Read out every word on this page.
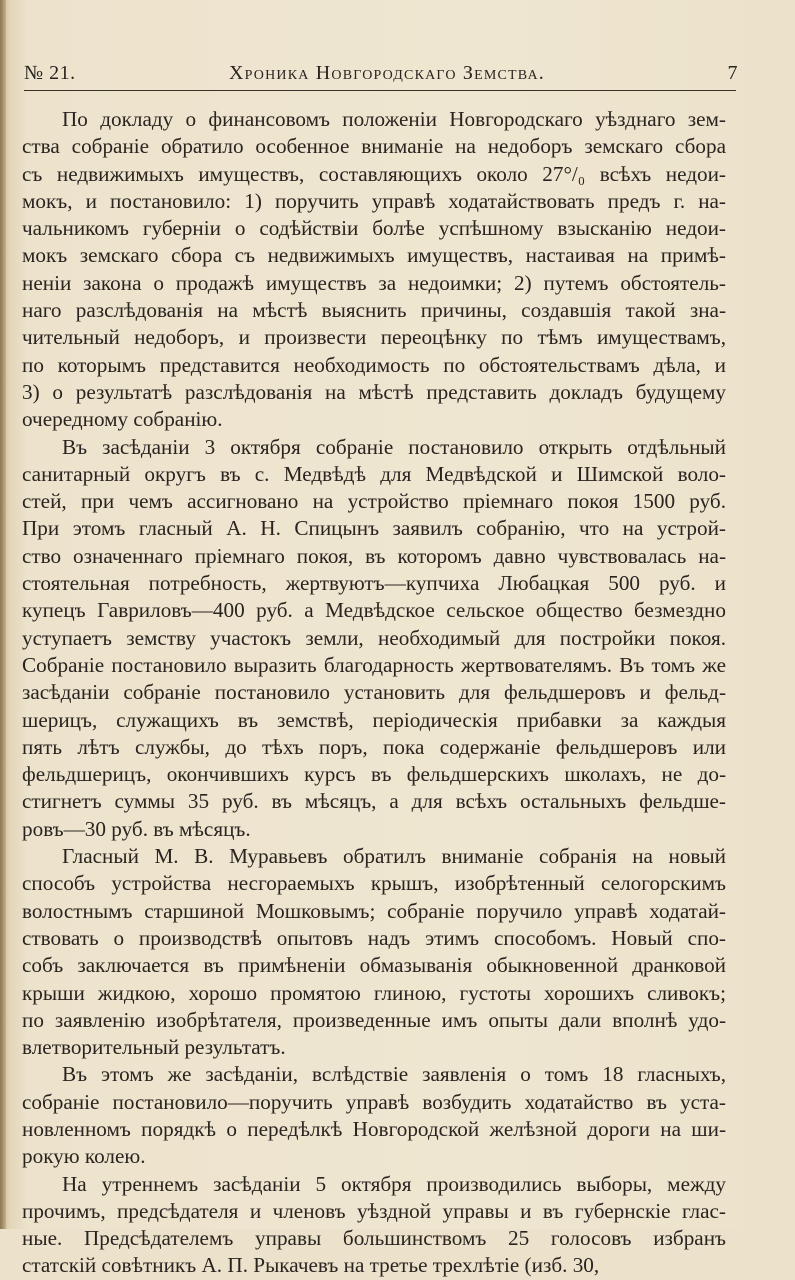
№ 21.	Хроника Новгородскаго Земства.	7
По докладу о финансовомъ положеніи Новгородскаго уѣзднаго зем-
ства собраніе обратило особенное вниманіе на недоборъ земскаго сбора
съ недвижимыхъ имуществъ, составляющихъ около 27°/₀ всѣхъ недои-
мокъ, и постановило: 1) поручить управѣ ходатайствовать предъ г. на-
чальникомъ губерніи о содѣйствіи болѣе успѣшному взысканію недои-
мокъ земскаго сбора съ недвижимыхъ имуществъ, настаивая на примѣ-
неніи закона о продажѣ имуществъ за недоимки; 2) путемъ обстоятель-
наго разслѣдованія на мѣстѣ выяснить причины, создавшія такой зна-
чительный недоборъ, и произвести переоцѣнку по тѣмъ имуществамъ,
по которымъ представится необходимость по обстоятельствамъ дѣла, и
3) о результатѣ разслѣдованія на мѣстѣ представить докладъ будущему
очередному собранію.
Въ засѣданіи 3 октября собраніе постановило открыть отдѣльный
санитарный округъ въ с. Медвѣдѣ для Медвѣдской и Шимской воло-
стей, при чемъ ассигновано на устройство пріемнаго покоя 1500 руб.
При этомъ гласный А. Н. Спицынъ заявилъ собранію, что на устрой-
ство означеннаго пріемнаго покоя, въ которомъ давно чувствовалась на-
стоятельная потребность, жертвуютъ—купчиха Любацкая 500 руб. и
купецъ Гавриловъ—400 руб. а Медвѣдское сельское общество безмездно
уступаетъ земству участокъ земли, необходимый для постройки покоя.
Собраніе постановило выразить благодарность жертвователямъ. Въ томъ же
засѣданіи собраніе постановило установить для фельдшеровъ и фельд-
шерицъ, служащихъ въ земствѣ, періодическія прибавки за каждыя
пять лѣтъ службы, до тѣхъ поръ, пока содержаніе фельдшеровъ или
фельдшерицъ, окончившихъ курсъ въ фельдшерскихъ школахъ, не до-
стигнетъ суммы 35 руб. въ мѣсяцъ, а для всѣхъ остальныхъ фельдше-
ровъ—30 руб. въ мѣсяцъ.
Гласный М. В. Муравьевъ обратилъ вниманіе собранія на новый
способъ устройства несгораемыхъ крышъ, изобрѣтенный селогорскимъ
волостнымъ старшиной Мошковымъ; собраніе поручило управѣ ходатай-
ствовать о производствѣ опытовъ надъ этимъ способомъ. Новый спо-
собъ заключается въ примѣненіи обмазыванія обыкновенной дранковой
крыши жидкою, хорошо промятою глиною, густоты хорошихъ сливокъ;
по заявленію изобрѣтателя, произведенные имъ опыты дали вполнѣ удо-
влетворительный результатъ.
Въ этомъ же засѣданіи, вслѣдствіе заявленія о томъ 18 гласныхъ,
собраніе постановило—поручить управѣ возбудить ходатайство въ уста-
новленномъ порядкѣ о передѣлкѣ Новгородской желѣзной дороги на ши-
рокую колею.
На утреннемъ засѣданіи 5 октября производились выборы, между
прочимъ, предсѣдателя и членовъ уѣздной управы и въ губернскіе глас-
ные. Предсѣдателемъ управы большинствомъ 25 голосовъ избранъ
статскій совѣтникъ А. П. Рыкачевъ на третье трехлѣтіе (изб. 30,
